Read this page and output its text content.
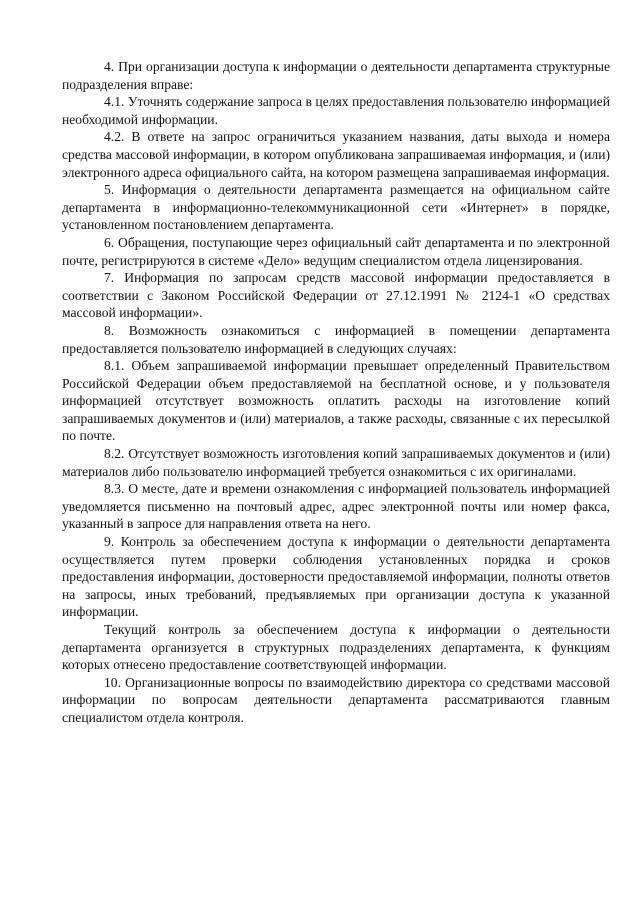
4. При организации доступа к информации о деятельности департамента структурные подразделения вправе:

4.1. Уточнять содержание запроса в целях предоставления пользователю информацией необходимой информации.

4.2. В ответе на запрос ограничиться указанием названия, даты выхода и номера средства массовой информации, в котором опубликована запрашиваемая информация, и (или) электронного адреса официального сайта, на котором размещена запрашиваемая информация.

5. Информация о деятельности департамента размещается на официальном сайте департамента в информационно-телекоммуникационной сети «Интернет» в порядке, установленном постановлением департамента.

6. Обращения, поступающие через официальный сайт департамента и по электронной почте, регистрируются в системе «Дело» ведущим специалистом отдела лицензирования.

7. Информация по запросам средств массовой информации предоставляется в соответствии с Законом Российской Федерации от 27.12.1991 № 2124-1 «О средствах массовой информации».

8. Возможность ознакомиться с информацией в помещении департамента предоставляется пользователю информацией в следующих случаях:

8.1. Объем запрашиваемой информации превышает определенный Правительством Российской Федерации объем предоставляемой на бесплатной основе, и у пользователя информацией отсутствует возможность оплатить расходы на изготовление копий запрашиваемых документов и (или) материалов, а также расходы, связанные с их пересылкой по почте.

8.2. Отсутствует возможность изготовления копий запрашиваемых документов и (или) материалов либо пользователю информацией требуется ознакомиться с их оригиналами.

8.3. О месте, дате и времени ознакомления с информацией пользователь информацией уведомляется письменно на почтовый адрес, адрес электронной почты или номер факса, указанный в запросе для направления ответа на него.

9. Контроль за обеспечением доступа к информации о деятельности департамента осуществляется путем проверки соблюдения установленных порядка и сроков предоставления информации, достоверности предоставляемой информации, полноты ответов на запросы, иных требований, предъявляемых при организации доступа к указанной информации.

Текущий контроль за обеспечением доступа к информации о деятельности департамента организуется в структурных подразделениях департамента, к функциям которых отнесено предоставление соответствующей информации.

10. Организационные вопросы по взаимодействию директора со средствами массовой информации по вопросам деятельности департамента рассматриваются главным специалистом отдела контроля.
